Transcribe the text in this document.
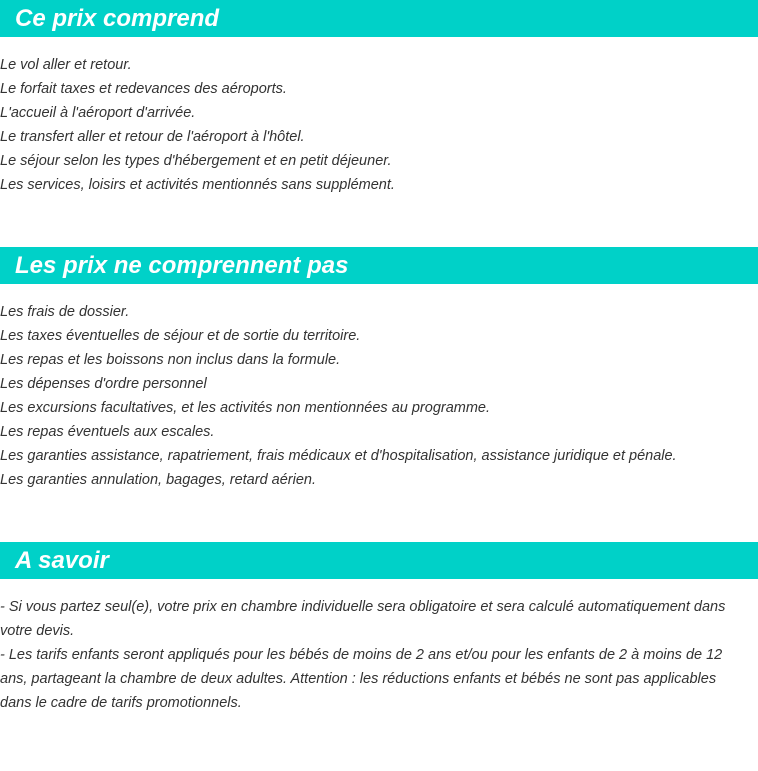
Ce prix comprend
Le vol aller et retour.
Le forfait taxes et redevances des aéroports.
L'accueil à l'aéroport d'arrivée.
Le transfert aller et retour de l'aéroport à l'hôtel.
Le séjour selon les types d'hébergement et en petit déjeuner.
Les services, loisirs et activités mentionnés sans supplément.
Les prix ne comprennent pas
Les frais de dossier.
Les taxes éventuelles de séjour et de sortie du territoire.
Les repas et les boissons non inclus dans la formule.
Les dépenses d'ordre personnel
Les excursions facultatives, et les activités non mentionnées au programme.
Les repas éventuels aux escales.
Les garanties assistance, rapatriement, frais médicaux et d'hospitalisation, assistance juridique et pénale.
Les garanties annulation, bagages, retard aérien.
A savoir

- Si vous partez seul(e), votre prix en chambre individuelle sera obligatoire et sera calculé automatiquement dans votre devis.

- Les tarifs enfants seront appliqués pour les bébés de moins de 2 ans et/ou pour les enfants de 2 à moins de 12 ans, partageant la chambre de deux adultes. Attention : les réductions enfants et bébés ne sont pas applicables dans le cadre de tarifs promotionnels.
